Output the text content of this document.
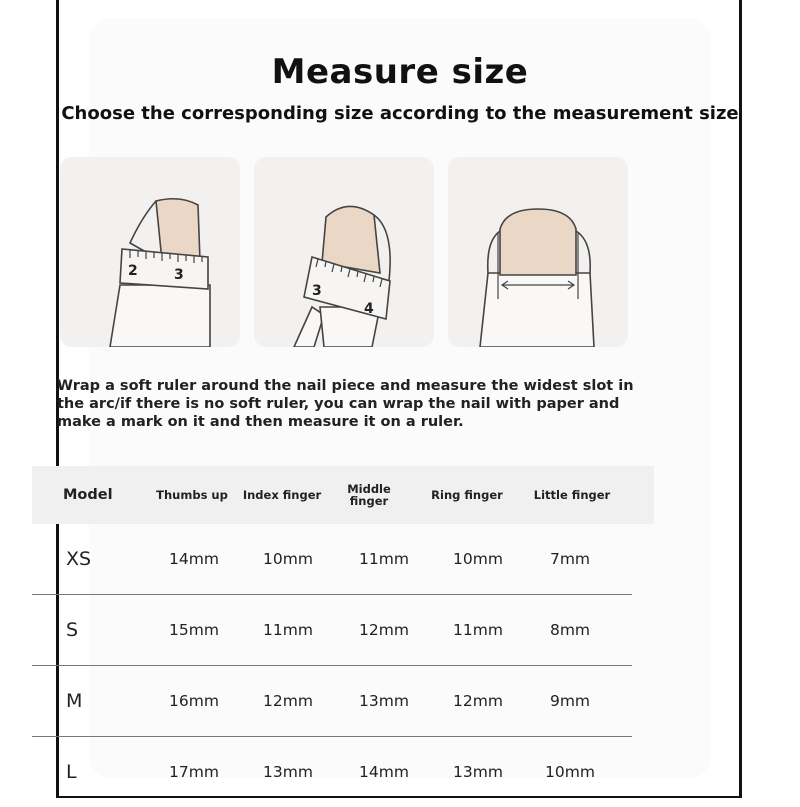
Measure size
Choose the corresponding size according to the measurement size
2	3
3
4
Wrap a soft ruler around the nail piece and measure the widest slot in the arc/if there is no soft ruler, you can wrap the nail with paper and make a mark on it and then measure it on a ruler.
Model	Thumbs up	Index finger	Middle finger	Ring finger	Little finger
XS	14mm	10mm	11mm	10mm	7mm
S	15mm	11mm	12mm	11mm	8mm
M	16mm	12mm	13mm	12mm	9mm
L	17mm	13mm	14mm	13mm	10mm
